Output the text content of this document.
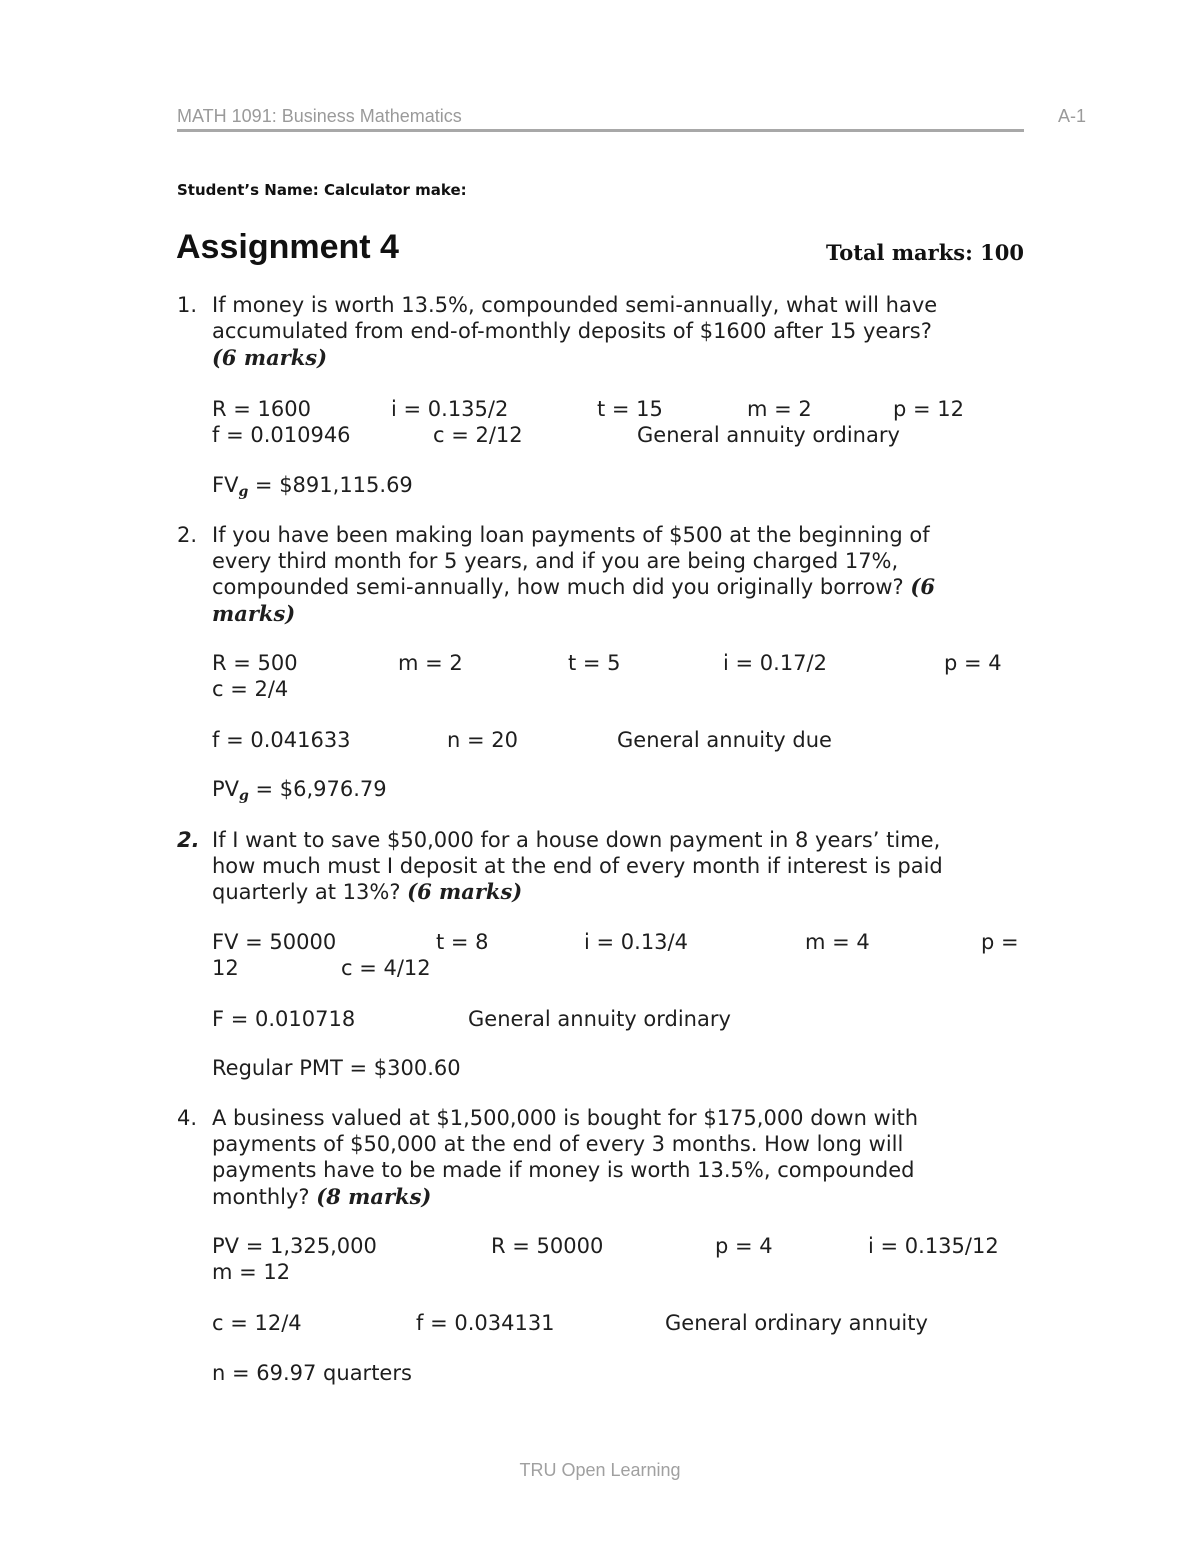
MATH 1091: Business Mathematics	A-1
Student’s Name: Calculator make:
Assignment 4	Total marks: 100
1. If money is worth 13.5%, compounded semi-annually, what will have
accumulated from end-of-monthly deposits of $1600 after 15 years?
(6 marks)
R = 1600	i = 0.135/2	t = 15	m = 2	p = 12
f = 0.010946	c = 2/12	General annuity ordinary
$FV_g$ = $891,115.69
2. If you have been making loan payments of $500 at the beginning of
every third month for 5 years, and if you are being charged 17%,
compounded semi-annually, how much did you originally borrow? (6
marks)
R = 500	m = 2	t = 5	i = 0.17/2	p = 4
c = 2/4
f = 0.041633	n = 20	General annuity due
$PV_g$ = $6,976.79
2. If I want to save $50,000 for a house down payment in 8 years’ time,
how much must I deposit at the end of every month if interest is paid
quarterly at 13%? (6 marks)
FV = 50000	t = 8	i = 0.13/4	m = 4	p =
12	c = 4/12
F = 0.010718	General annuity ordinary
Regular PMT = $300.60
4. A business valued at $1,500,000 is bought for $175,000 down with
payments of $50,000 at the end of every 3 months. How long will
payments have to be made if money is worth 13.5%, compounded
monthly? (8 marks)
PV = 1,325,000	R = 50000	p = 4	i = 0.135/12
m = 12
c = 12/4	f = 0.034131	General ordinary annuity
n = 69.97 quarters
TRU Open Learning
